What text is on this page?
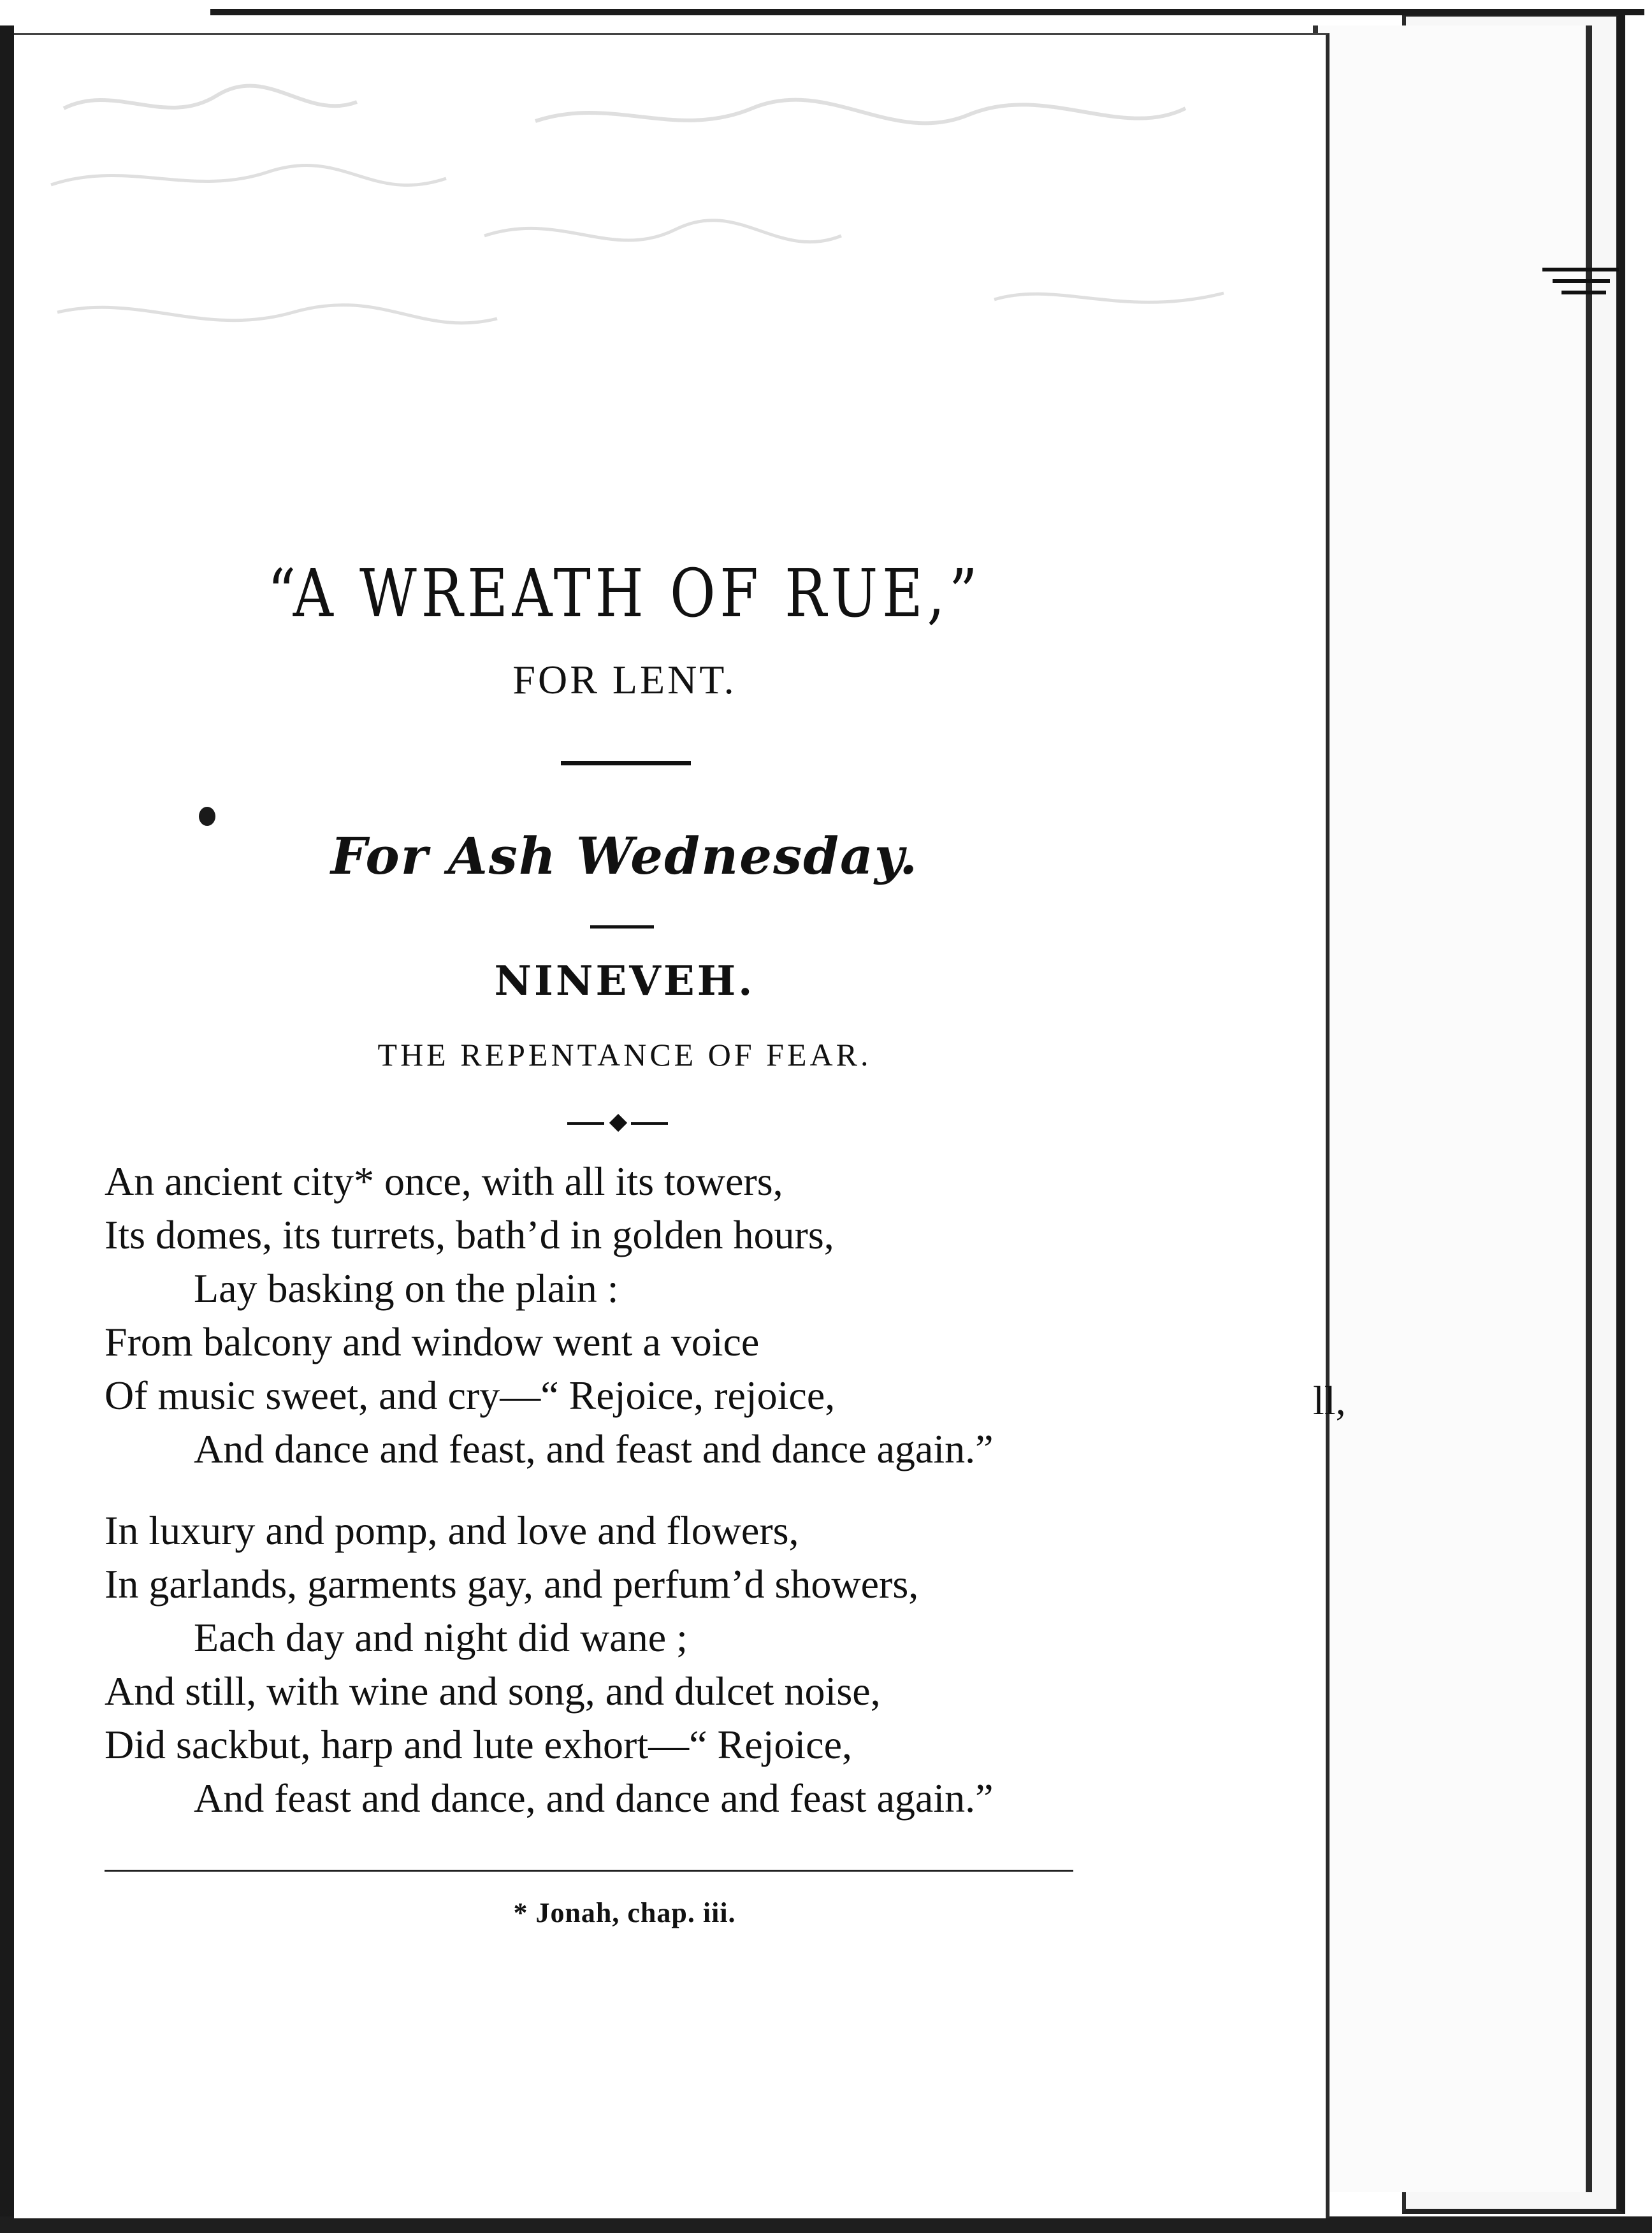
“A WREATH OF RUE,”
FOR LENT.
For Ash Wednesday.
NINEVEH.
THE REPENTANCE OF FEAR.
An ancient city* once, with all its towers,
Its domes, its turrets, bath’d in golden hours,
Lay basking on the plain :
From balcony and window went a voice
Of music sweet, and cry—“ Rejoice, rejoice,
And dance and feast, and feast and dance again.”
ll,
In luxury and pomp, and love and flowers,
In garlands, garments gay, and perfum’d showers,
Each day and night did wane ;
And still, with wine and song, and dulcet noise,
Did sackbut, harp and lute exhort—“ Rejoice,
And feast and dance, and dance and feast again.”
* Jonah, chap. iii.
